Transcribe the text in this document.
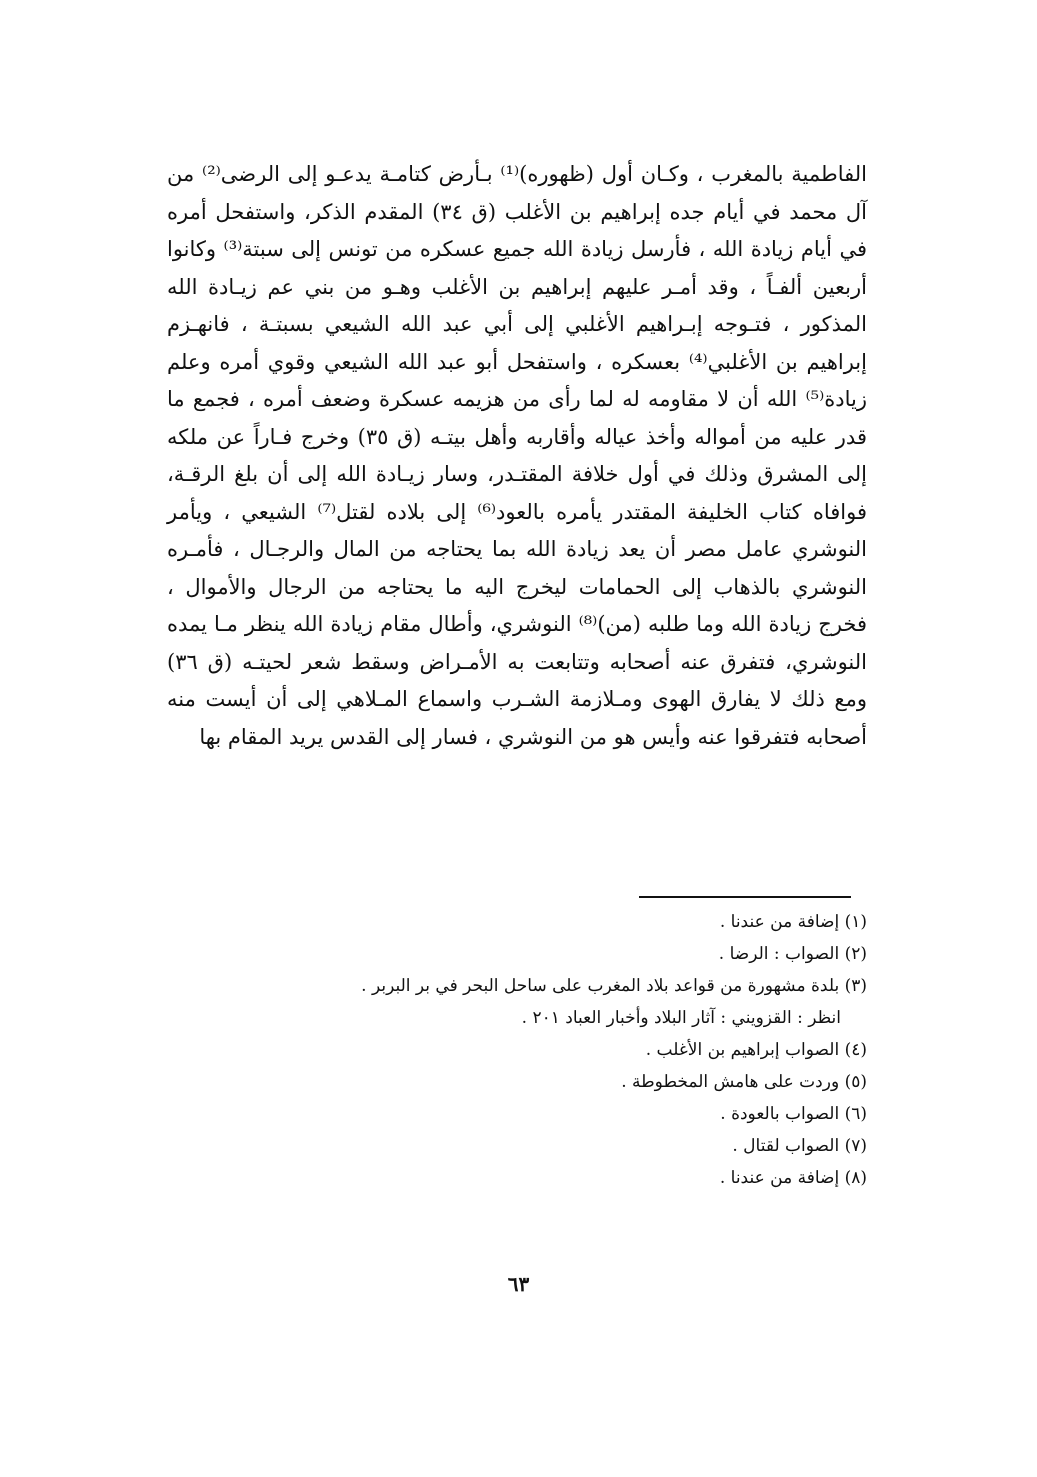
الفاطمية بالمغرب ، وكـان أول (ظهوره)⁽¹⁾ بـأرض كتامـة يدعـو إلى الرضى⁽²⁾ من
آل محمد في أيام جده إبراهيم بن الأغلب (ق ٣٤) المقدم الذكر، واستفحل أمره
في أيام زيادة الله ، فأرسل زيادة الله جميع عسكره من تونس إلى سبتة⁽³⁾ وكانوا
أربعين ألفـاً ، وقد أمـر عليهم إبراهيم بن الأغلب وهـو من بني عم زيـادة الله
المذكور ، فتـوجه إبـراهيم الأغلبي إلى أبي عبد الله الشيعي بسبتـة ، فانهـزم
إبراهيم بن الأغلبي⁽⁴⁾ بعسكره ، واستفحل أبو عبد الله الشيعي وقوي أمره وعلم
زيادة⁽⁵⁾ الله أن لا مقاومه له لما رأى من هزيمه عسكرة وضعف أمره ، فجمع ما
قدر عليه من أمواله وأخذ عياله وأقاربه وأهل بيتـه (ق ٣٥) وخرج فـاراً عن ملكه
إلى المشرق وذلك في أول خلافة المقتـدر، وسار زيـادة الله إلى أن بلغ الرقـة،
فوافاه كتاب الخليفة المقتدر يأمره بالعود⁽⁶⁾ إلى بلاده لقتل⁽⁷⁾ الشيعي ، ويأمر
النوشري عامل مصر أن يعد زيادة الله بما يحتاجه من المال والرجـال ، فأمـره
النوشري بالذهاب إلى الحمامات ليخرج اليه ما يحتاجه من الرجال والأموال ،
فخرج زيادة الله وما طلبه (من)⁽⁸⁾ النوشري، وأطال مقام زيادة الله ينظر مـا يمده
النوشري، فتفرق عنه أصحابه وتتابعت به الأمـراض وسقط شعر لحيتـه (ق ٣٦)
ومع ذلك لا يفارق الهوى ومـلازمة الشـرب واسماع المـلاهي إلى أن أيست منه
أصحابه فتفرقوا عنه وأيس هو من النوشري ، فسار إلى القدس يريد المقام بها
(١) إضافة من عندنا .
(٢) الصواب : الرضا .
(٣) بلدة مشهورة من قواعد بلاد المغرب على ساحل البحر في بر البربر .
انظر : القزويني : آثار البلاد وأخبار العباد ٢٠١ .
(٤) الصواب إبراهيم بن الأغلب .
(٥) وردت على هامش المخطوطة .
(٦) الصواب بالعودة .
(٧) الصواب لقتال .
(٨) إضافة من عندنا .
٦٣
